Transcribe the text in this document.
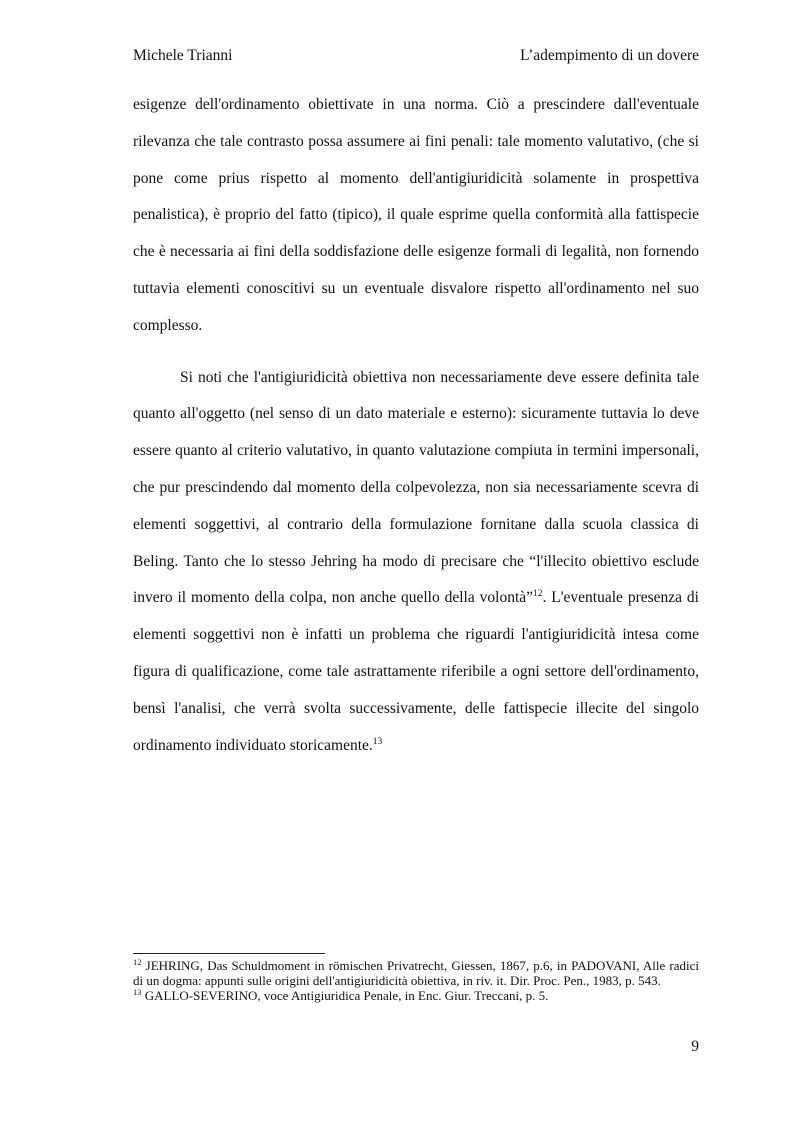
Michele Trianni	L’adempimento di un dovere

esigenze dell'ordinamento obiettivate in una norma. Ciò a prescindere dall'eventuale rilevanza che tale contrasto possa assumere ai fini penali: tale momento valutativo, (che si pone come prius rispetto al momento dell'antigiuridicità solamente in prospettiva penalistica), è proprio del fatto (tipico), il quale esprime quella conformità alla fattispecie che è necessaria ai fini della soddisfazione delle esigenze formali di legalità, non fornendo tuttavia elementi conoscitivi su un eventuale disvalore rispetto all'ordinamento nel suo complesso.

Si noti che l'antigiuridicità obiettiva non necessariamente deve essere definita tale quanto all'oggetto (nel senso di un dato materiale e esterno): sicuramente tuttavia lo deve essere quanto al criterio valutativo, in quanto valutazione compiuta in termini impersonali, che pur prescindendo dal momento della colpevolezza, non sia necessariamente scevra di elementi soggettivi, al contrario della formulazione fornitane dalla scuola classica di Beling. Tanto che lo stesso Jehring ha modo di precisare che “l'illecito obiettivo esclude invero il momento della colpa, non anche quello della volontà”$^{12}$. L'eventuale presenza di elementi soggettivi non è infatti un problema che riguardi l'antigiuridicità intesa come figura di qualificazione, come tale astrattamente riferibile a ogni settore dell'ordinamento, bensì l'analisi, che verrà svolta successivamente, delle fattispecie illecite del singolo ordinamento individuato storicamente.$^{13}$

$^{12}$ JEHRING, Das Schuldmoment in römischen Privatrecht, Giessen, 1867, p.6, in PADOVANI, Alle radici di un dogma: appunti sulle origini dell'antigiuridicità obiettiva, in riv. it. Dir. Proc. Pen., 1983, p. 543.

$^{13}$ GALLO-SEVERINO, voce Antigiuridica Penale, in Enc. Giur. Treccani, p. 5.

9
